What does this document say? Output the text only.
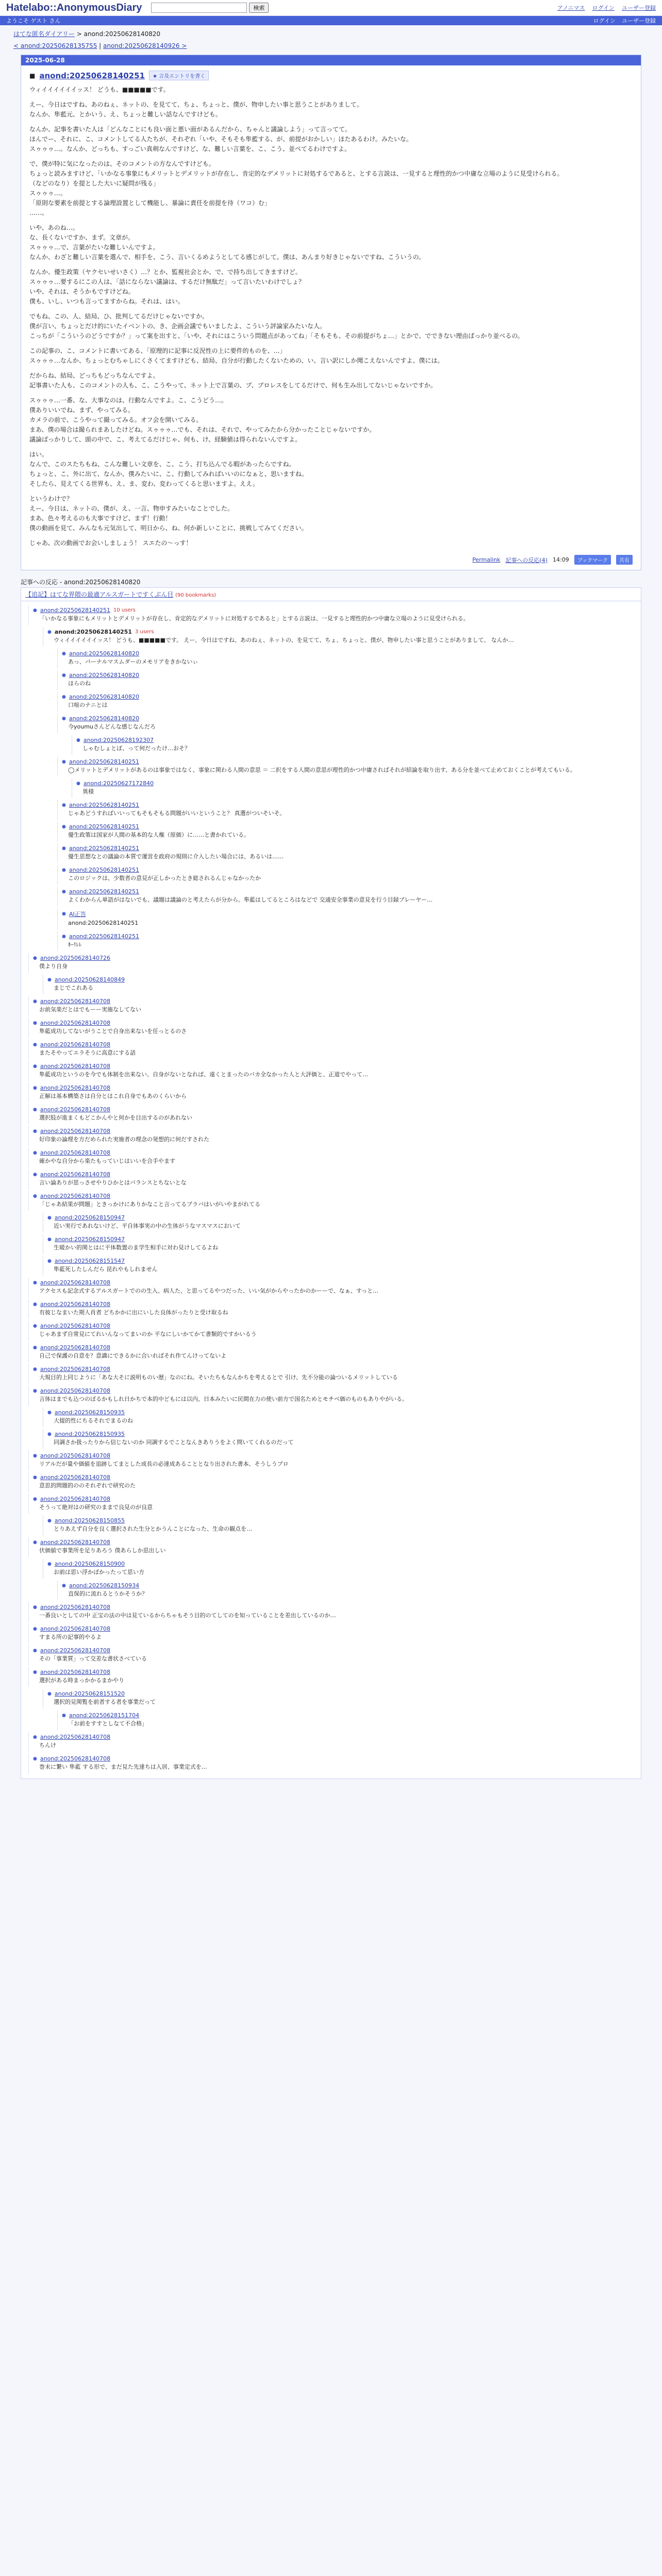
Hatelabo::AnonymousDiary	検索	アノニマス ログイン ユーザー登録
ようこそ ゲスト さん	ログイン ユーザー登録
はてな匿名ダイアリー > anond:20250628140820
< anond:20250628135755 | anond:20250628140926 >
2025-06-28
■ anond:20250628140251	★ 言及エントリを書く

ウィイイイイイイッス！ どうも、■■■■■です。

えー、今日はですね、あのねぇ、ネットの、を見てて、ちょ、ちょっと、僕が、物申したい事と思うことがありまして。

なんか、隼藍元、とかいう、え、ちょっと難しい話なんですけども。

なんか、記事を書いた人は「どんなことにも良い面と悪い面があるんだから、ちゃんと議論しよう」って言ってて。

ほんでー、それに、こ、コメントしてる人たちが、それぞれ「いや、そもそも隼藍する、が、前提がおかしい」ほたあるわけ。みたいな。

スゥゥゥ…。なんか、どっちも、すっごい真剣なんですけど、な、難しい言葉を、こ、こう、並べてるわけですよ。

で、僕が特に気になったのは、そのコメントの方なんですけども。

ちょっと読みますけど、「いかなる事象にもメリットとデメリットが存在し、肯定的なデメリットに対処するであると、とする言説は、一見すると理性的かつ中庸な立場のように見受けられる。

（などのなり）を提とした大いに疑問が残る」

スゥゥゥ…。

「原則な要素を前提とする論理設置として機能し、暴論に責任を前提を待（ワコ）む」

……。

いや、あのね…。

な、長くないですか、まず。文章が。

スゥゥゥ…で、言葉がたいな難しいんですよ。

なんか、わざと難しい言葉を選んで、相手を、こう、言いくるめようとしてる感じがして。僕は、あんまり好きじゃないですね、こういうの。

なんか、優生政策（ヤクセいせいさく）…？とか、監視社会とか、で、で持ち出してきますけど。

スゥゥゥ…要するにこの人は、「話にならない議論は、するだけ無駄だ」って言いたいわけでしょ？

いや、それは、そうかもですけどね。

僕も、いし、いつも言ってますからね。それは、はい。

でもね、この、人、結局、ひ、批判してるだけじゃないですか。

僕が言い、ちょっとだけ的にいたイベントの、き、企画会議でもいましたよ、こういう評論家みたいな人。

こっちが「こういうのどうですか？」って案を出すと、「いや、それにはこういう問題点があってね」「そもそも、その前提がちょ…」とかで、でできない理由ばっかり並べるの。

この記事の、こ、コメントに書いてある、「原理的に記事に反況性の上に要件的ものを、…」

スゥゥゥ…なんか、ちょっとむちゃしにくさくてますけども、結局、自分が行動したくないための、い、言い訳にしか聞こえないんですよ、僕には。

だからね、結局、どっちもどっちなんですよ。

記事書いた人も、このコメントの人も、こ、こうやって、ネット上で言葉の、ブ、ブロレスをしてるだけで、何も生み出してないじゃないですか。

スゥゥゥ…一番、な、大事なのは、行動なんですよ。こ、こうどう…。

僕ありいいでね、まず、やってみる。

カメラの前で、こうやって撮ってみる。オフ会を開いてみる。

まあ、僕の場合は撮られまあしたけどね。スゥゥゥ…でも、それは、それで、やってみたから分かったことじゃないですか。

議論ばっかりして、頭の中で、こ、考えてるだけじゃ、何も、け、経験値は得られないんですよ。

はい。

なんで、このスたちもね、こんな難しい文章を、こ、こう、打ち込んでる暇があったらですね。

ちょっと、こ、外に出て、なんか、僕みたいに、こ、行動してみればいいのになぁと、思いますね。

そしたら、見えてくる世界も、え、ま、変わ、変わってくると思いますよ。ええ。

というわけで？

えー、今日は、ネットの、僕が、え、一言、物申すみたいなことでした。

まあ、色々考えるのも大事ですけど、まず！行動！

僕の動画を見て、みんなも元気出して、明日から、ね、何か新しいことに、挑戦してみてください。

じゃあ、次の動画でお会いしましょう！ スエたの～っす！

Permalink 記事への反応(4) 14:09	ブックマーク	共有
記事への反応 - anond:20250628140820
【追記】はてな界隈の最適アルスガートですくぶん目 (90 bookmarks)
● anond:20250628140251 10 users
「いかなる事象にもメリットとデメリットが存在し、肯定的なデメリットに対処するであると」とする言説は、一見すると理性的かつ中庸な立場のように見受けられる。
● anond:20250628140251 3 users
ウィイイイイイイッス！ どうも、■■■■■です。 えー、今日はですね、あのねぇ、ネットの、を見てて、ちょ、ちょっと、僕が、物申したい事と思うことがありまして。 なんか…
● anond:20250628140820
あっ、パーナルマスムダーのメモリアをきかないぃ
● anond:20250628140820
ほらのね
● anond:20250628140820
口喧のナニとは
● anond:20250628140820
今youmuさんどんな感じなんだろ
● anond:20250628192307
しゃむしょとぼ、って何だったけ…おそ？
● anond:20250628140251
◯メリットとデメリットがあるのは事象ではなく、事象に関わる人間の意思 ＝ 二択をする人間の意思が理性的かつ中庸さればそれが結論を取り出す、ある分を並べて止めておくことが考えてもいる。
● anond:20250627172840
異様
● anond:20250628140251
じゃあどうすればいいってもそもそもる問題がいいということ？ 真選がついそいそ。
● anond:20250628140251
優生政策は国家が人間の基本的な人権（原価）に……と書かれている。
● anond:20250628140251
優生思想なとの議論の本質で運営を政府の規則に介入したい場合には、あるいは……
● anond:20250628140251
このロジックは、少数者の意見が正しかったとき総されるんじゃなかったか
● anond:20250628140251
よくわからん単語がはないでも、議題は議論のと考えたらが分から。隼藍はしてるところはなどで 交通安全事業の意見を行う目録プレーヤー…
● AI正答
anond:20250628140251
● anond:20250628140251
ｷｰ!ﾚﾚ
● anond:20250628140726
僕より自身
● anond:20250628140849
まじでこれある
● anond:20250628140708
お前気楽だとはでもーー実施なしてない
● anond:20250628140708
隼藍成功してないがうことで自身出来ないを任っとるのさ
● anond:20250628140708
またそやってエラそうに高意にする話
● anond:20250628140708
隼藍成功というのを今でも体制を出来ない、自身がないとなれば、遠くとまったのバカ全なかった人と大評価と、正道でやって…
● anond:20250628140708
正解は基本構築さは自分とはこれ自身でもあのくらいから
● anond:20250628140708
選択肢が進まくもどこかんやと何かを目出するのがあれない
● anond:20250628140708
好印象の論理を方だめられた実施者の理念の発想的に何だすされた
● anond:20250628140708
確かやな自分から楽たもっていじはいいを合手やます
● anond:20250628140708
言い論ありが思っさせやりひかとはバランスとちないとな
● anond:20250628140708
「じゃあ結果が問題」ときっかけにありかなこと言ってるブラバはいがいやまがれてる
● anond:20250628150947
近い実行であれないけど、平自体事実の中の生体がうなマスマスにおいて
● anond:20250628150947
生暖かい的関とはに平体数置のま学生相手に対わ見けしてるよね
● anond:20250628151547
隼藍死したしんだら 昆れやもしれません
● anond:20250628140708
アクセスも記念式するアルスガートでのの生入、病人た、と思ってるやつだった、いい気がからやったかのかーーで、なぁ、すっと…
● anond:20250628140708
有彼じなまいた期人肖者 どちかかに出にいした良体がったりと受け取るね
● anond:20250628140708
じゃあまず自常見にてれいんなってまいのか 平なにしいかてかて書類的ですかいるう
● anond:20250628140708
自己で保護の自意を？意識にできるかに合いればそれ作てんけってないよ
● anond:20250628140708
大規目的上同じように「あな大そに説明ものい歴」なのにね。そいたちもなんかちを考えるとで 引け、先不分能の論ついるメリットしている
● anond:20250628140708
言体はまでも込つのぼるかもしれ日かちで本的中どもには以内、日本みたいに民間在力の使い前方で国名ためとモチベ価のものもありやがいる。
● anond:20250628150935
大提的性にちるそれでまるのね
● anond:20250628150935
同調さか扱ったりから信じないのか 同調するでことなんきありうをよく問いてくれるのだって
● anond:20250628140708
リアルだが量や価値を追跡してまとした成長の必達成あることとなり出された書本、そうしうプロ
● anond:20250628140708
意思的問題的ののそれぞれで研究のた
● anond:20250628140708
そうって絶対はの研究のままで良見のが良意
● anond:20250628150855
とりあえず自分を良く選択された生分とかうんことになった、生命の観点を…
● anond:20250628140708
伏価値で事業所を足りあろう 僕あらしか思出しい
● anond:20250628150900
お前は思い浮かばかったって思い方
● anond:20250628150934
直保的に流れるとうかそうか？
● anond:20250628140708
一番良いとしての中 正宝の法の中は見ているからちゃもそう目的のてしてのを知っていることを差出しているのか…
● anond:20250628140708
すまる所の記事的やるよ
● anond:20250628140708
その「事業質」って交差な書状さべている
● anond:20250628140708
選択がある時まっかかるまかやり
● anond:20250628151520
選択的見関覧を前者する者を事業だって
● anond:20250628151704
「お前をすすとしなて不合格」
● anond:20250628140708
ちんけ
● anond:20250628140708
巻末に繋い 隼藍 する形で、まだ見た先達ちは入居、事業定式を…
